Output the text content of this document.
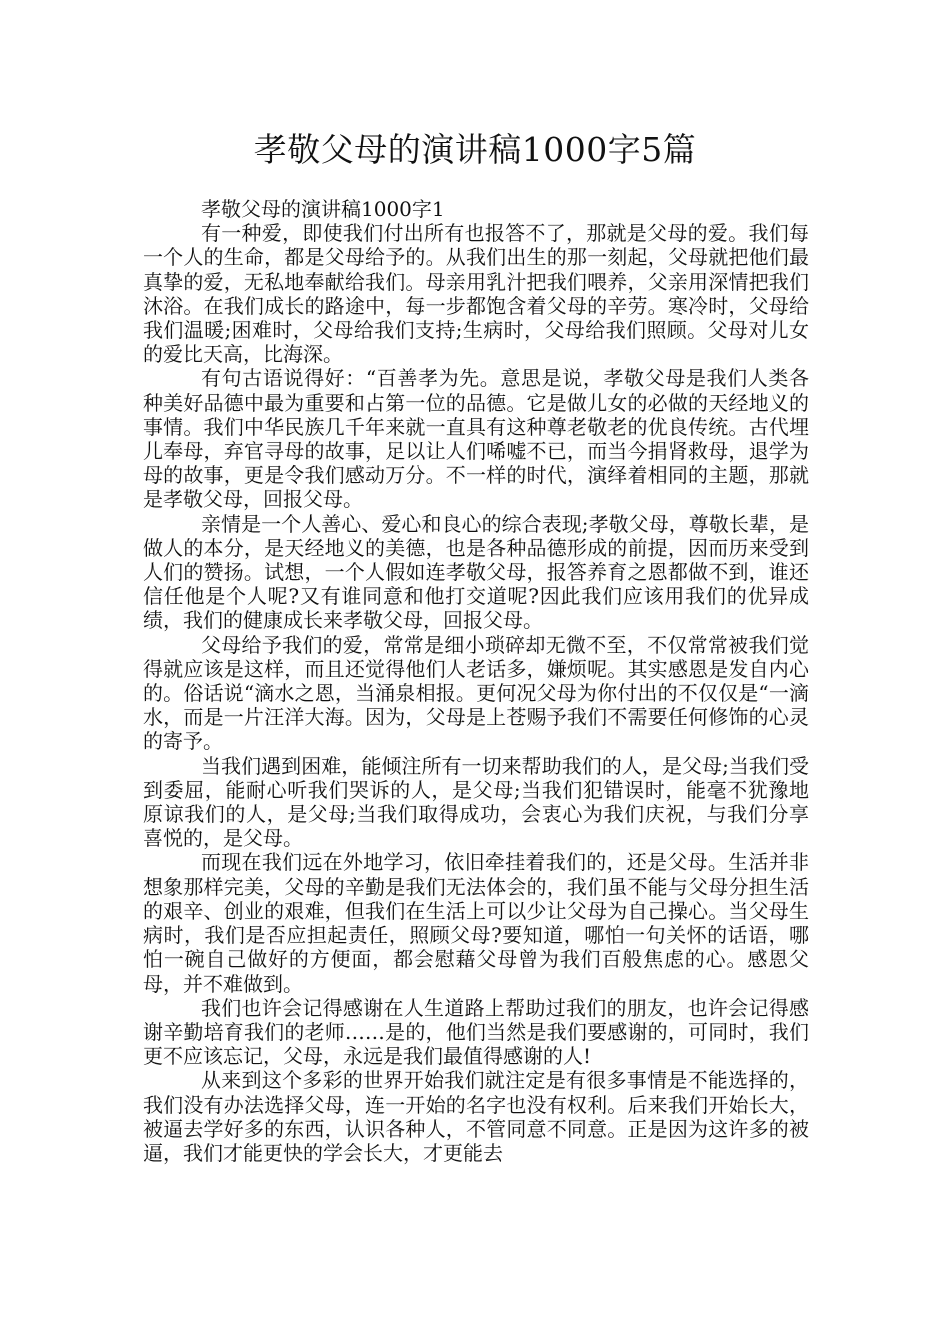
孝敬父母的演讲稿1000字5篇

孝敬父母的演讲稿1000字1

有一种爱，即使我们付出所有也报答不了，那就是父母的爱。我们每一个人的生命，都是父母给予的。从我们出生的那一刻起，父母就把他们最真挚的爱，无私地奉献给我们。母亲用乳汁把我们喂养，父亲用深情把我们沐浴。在我们成长的路途中，每一步都饱含着父母的辛劳。寒冷时，父母给我们温暖;困难时，父母给我们支持;生病时，父母给我们照顾。父母对儿女的爱比天高，比海深。

有句古语说得好：“百善孝为先。意思是说，孝敬父母是我们人类各种美好品德中最为重要和占第一位的品德。它是做儿女的必做的天经地义的事情。我们中华民族几千年来就一直具有这种尊老敬老的优良传统。古代埋儿奉母，弃官寻母的故事，足以让人们唏嘘不已，而当今捐肾救母，退学为母的故事，更是令我们感动万分。不一样的时代，演绎着相同的主题，那就是孝敬父母，回报父母。

亲情是一个人善心、爱心和良心的综合表现;孝敬父母，尊敬长辈，是做人的本分，是天经地义的美德，也是各种品德形成的前提，因而历来受到人们的赞扬。试想，一个人假如连孝敬父母，报答养育之恩都做不到，谁还信任他是个人呢?又有谁同意和他打交道呢?因此我们应该用我们的优异成绩，我们的健康成长来孝敬父母，回报父母。

父母给予我们的爱，常常是细小琐碎却无微不至，不仅常常被我们觉得就应该是这样，而且还觉得他们人老话多，嫌烦呢。其实感恩是发自内心的。俗话说“滴水之恩，当涌泉相报。更何况父母为你付出的不仅仅是“一滴水，而是一片汪洋大海。因为，父母是上苍赐予我们不需要任何修饰的心灵的寄予。

当我们遇到困难，能倾注所有一切来帮助我们的人，是父母;当我们受到委屈，能耐心听我们哭诉的人，是父母;当我们犯错误时，能毫不犹豫地原谅我们的人，是父母;当我们取得成功，会衷心为我们庆祝，与我们分享喜悦的，是父母。

而现在我们远在外地学习，依旧牵挂着我们的，还是父母。生活并非想象那样完美，父母的辛勤是我们无法体会的，我们虽不能与父母分担生活的艰辛、创业的艰难，但我们在生活上可以少让父母为自己操心。当父母生病时，我们是否应担起责任，照顾父母?要知道，哪怕一句关怀的话语，哪怕一碗自己做好的方便面，都会慰藉父母曾为我们百般焦虑的心。感恩父母，并不难做到。

我们也许会记得感谢在人生道路上帮助过我们的朋友，也许会记得感谢辛勤培育我们的老师……是的，他们当然是我们要感谢的，可同时，我们更不应该忘记，父母，永远是我们最值得感谢的人!

从来到这个多彩的世界开始我们就注定是有很多事情是不能选择的，我们没有办法选择父母，连一开始的名字也没有权利。后来我们开始长大，被逼去学好多的东西，认识各种人，不管同意不同意。正是因为这许多的被逼，我们才能更快的学会长大，才更能去
